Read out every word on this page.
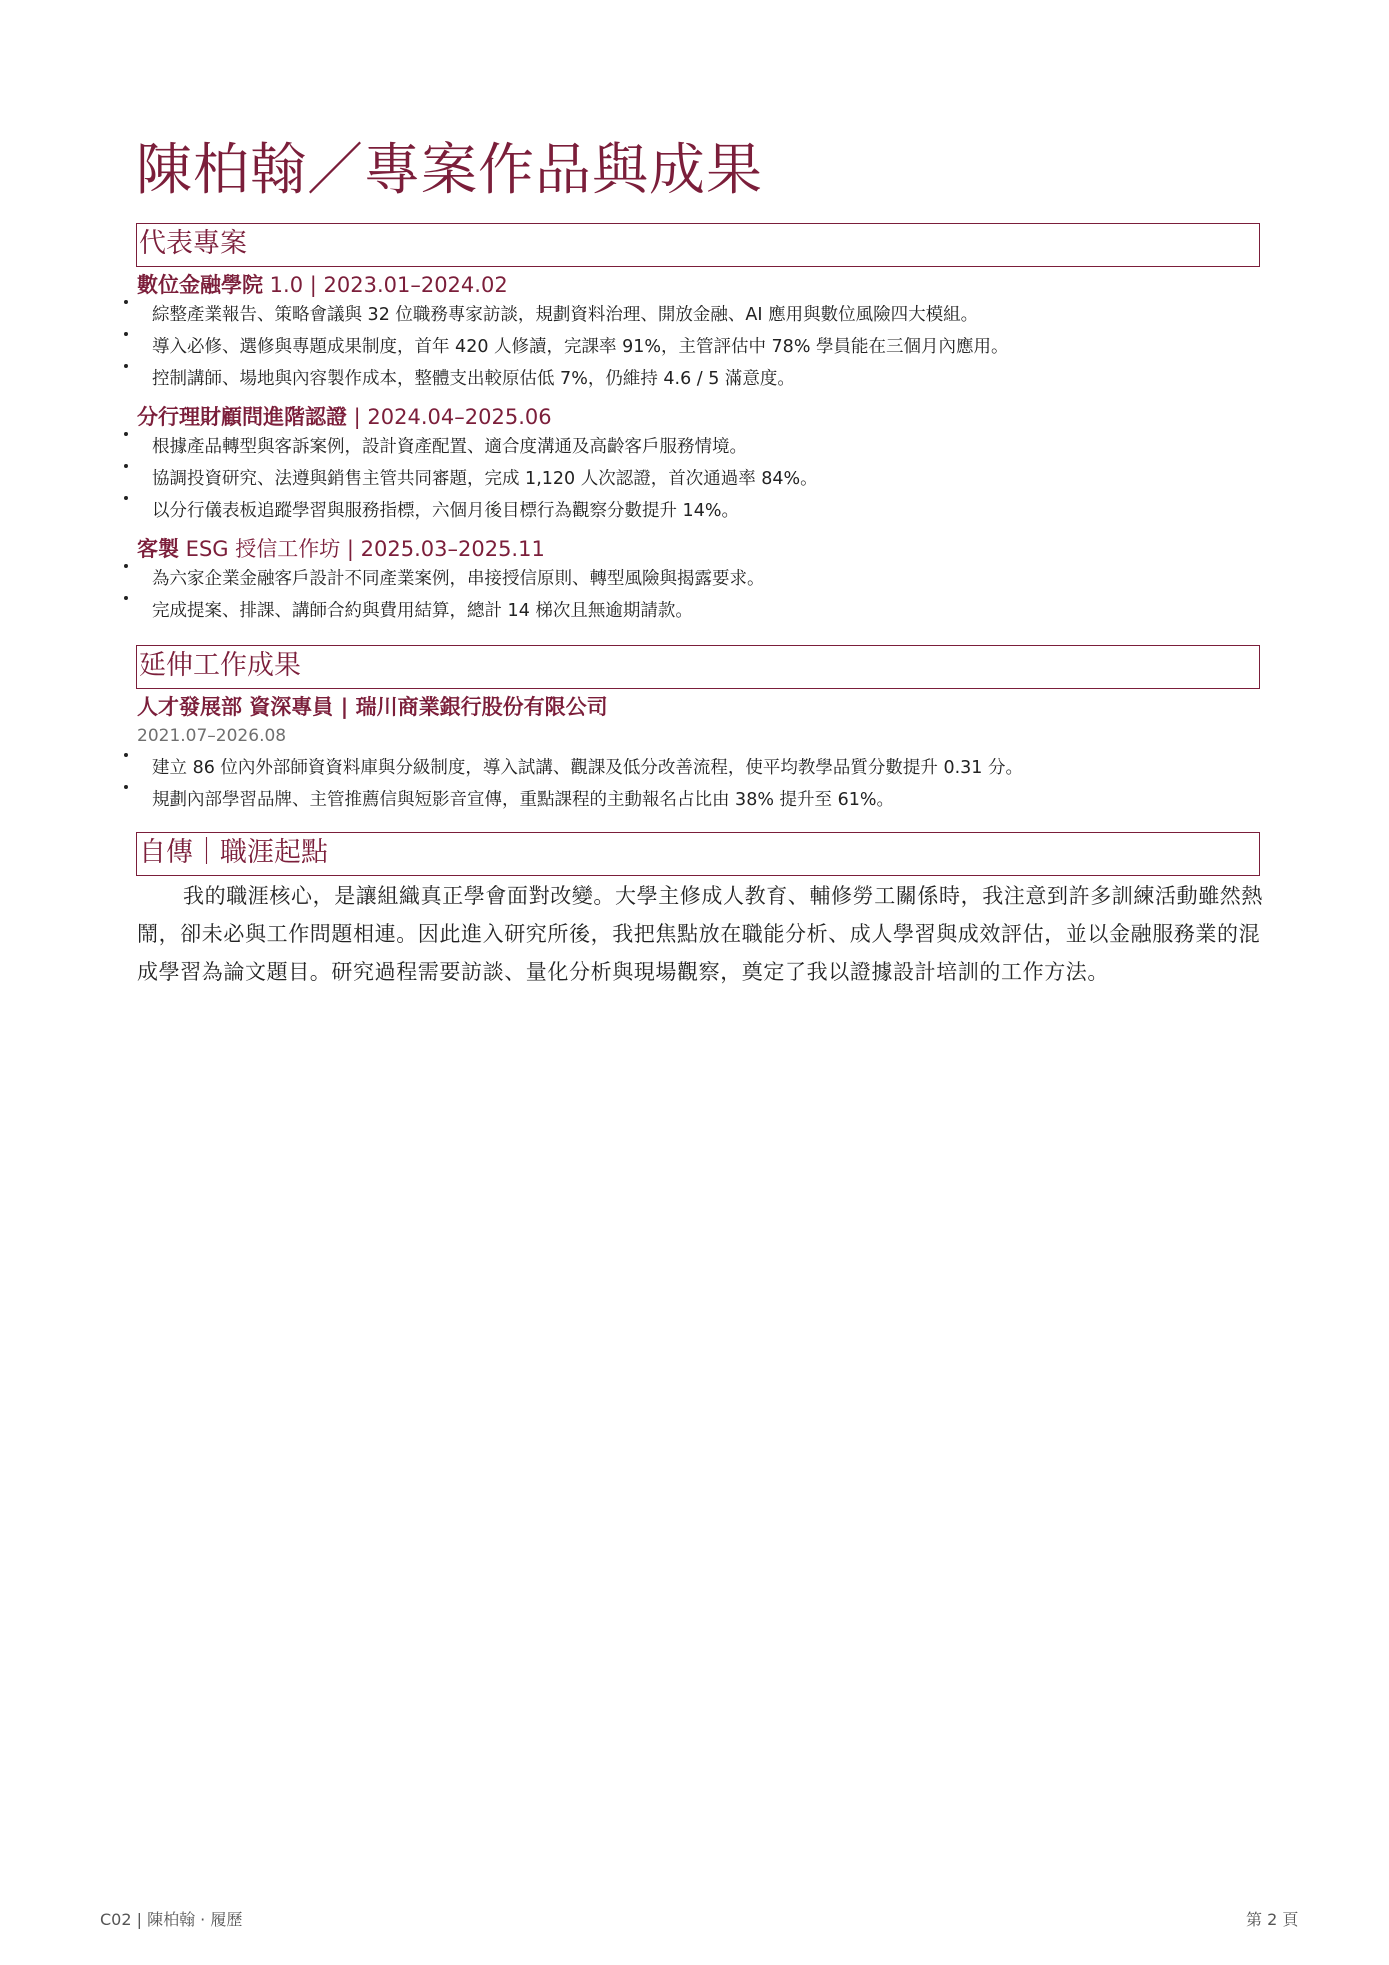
陳柏翰／專案作品與成果
代表專案
數位金融學院 1.0 | 2023.01–2024.02
綜整產業報告、策略會議與 32 位職務專家訪談，規劃資料治理、開放金融、AI 應用與數位風險四大模組。
導入必修、選修與專題成果制度，首年 420 人修讀，完課率 91%，主管評估中 78% 學員能在三個月內應用。
控制講師、場地與內容製作成本，整體支出較原估低 7%，仍維持 4.6 / 5 滿意度。
分行理財顧問進階認證 | 2024.04–2025.06
根據產品轉型與客訴案例，設計資產配置、適合度溝通及高齡客戶服務情境。
協調投資研究、法遵與銷售主管共同審題，完成 1,120 人次認證，首次通過率 84%。
以分行儀表板追蹤學習與服務指標，六個月後目標行為觀察分數提升 14%。
客製 ESG 授信工作坊 | 2025.03–2025.11
為六家企業金融客戶設計不同產業案例，串接授信原則、轉型風險與揭露要求。
完成提案、排課、講師合約與費用結算，總計 14 梯次且無逾期請款。
延伸工作成果
人才發展部 資深專員 | 瑞川商業銀行股份有限公司
2021.07–2026.08
建立 86 位內外部師資資料庫與分級制度，導入試講、觀課及低分改善流程，使平均教學品質分數提升 0.31 分。
規劃內部學習品牌、主管推薦信與短影音宣傳，重點課程的主動報名占比由 38% 提升至 61%。
自傳｜職涯起點

我的職涯核心，是讓組織真正學會面對改變。大學主修成人教育、輔修勞工關係時，我注意到許多訓練活動雖然熱鬧，卻未必與工作問題相連。因此進入研究所後，我把焦點放在職能分析、成人學習與成效評估，並以金融服務業的混成學習為論文題目。研究過程需要訪談、量化分析與現場觀察，奠定了我以證據設計培訓的工作方法。

C02 | 陳柏翰 · 履歷	第 2 頁
